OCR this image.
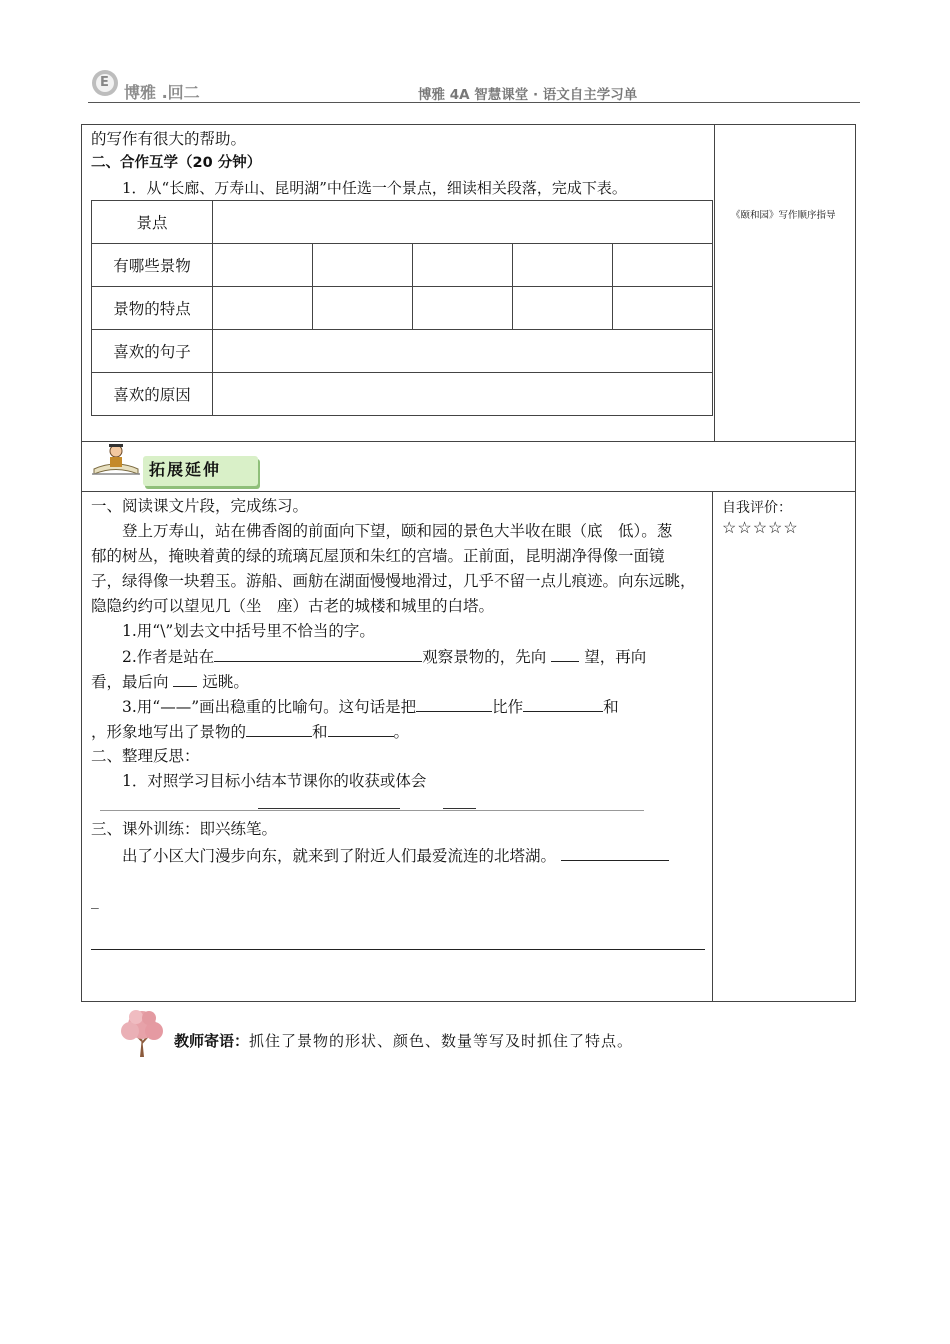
E
博雅 .回二	博雅 4A 智慧课堂 · 语文自主学习单
的写作有很大的帮助。
二、合作互学（20 分钟）
1．从“长廊、万寿山、昆明湖”中任选一个景点，细读相关段落，完成下表。
《颐和园》写作顺序指导
景点					
有哪些景物					
景物的特点					
喜欢的句子					
喜欢的原因					
拓展延伸
自我评价：
☆☆☆☆☆
一、阅读课文片段，完成练习。
登上万寿山，站在佛香阁的前面向下望，颐和园的景色大半收在眼（底　低）。葱
郁的树丛，掩映着黄的绿的琉璃瓦屋顶和朱红的宫墙。正前面，昆明湖净得像一面镜
子，绿得像一块碧玉。游船、画舫在湖面慢慢地滑过，几乎不留一点儿痕迹。向东远眺，
隐隐约约可以望见几（坐　座）古老的城楼和城里的白塔。
1.用“\”划去文中括号里不恰当的字。
2.作者是站在	观察景物的，先向 望，再向
看，最后向 远眺。
3.用“——”画出稳重的比喻句。这句话是把	比作	和
，形象地写出了景物的	和	。
二、整理反思：
1．对照学习目标小结本节课你的收获或体会
三、课外训练：即兴练笔。
出了小区大门漫步向东，就来到了附近人们最爱流连的北塔湖。
_
教师寄语：抓住了景物的形状、颜色、数量等写及时抓住了特点。
